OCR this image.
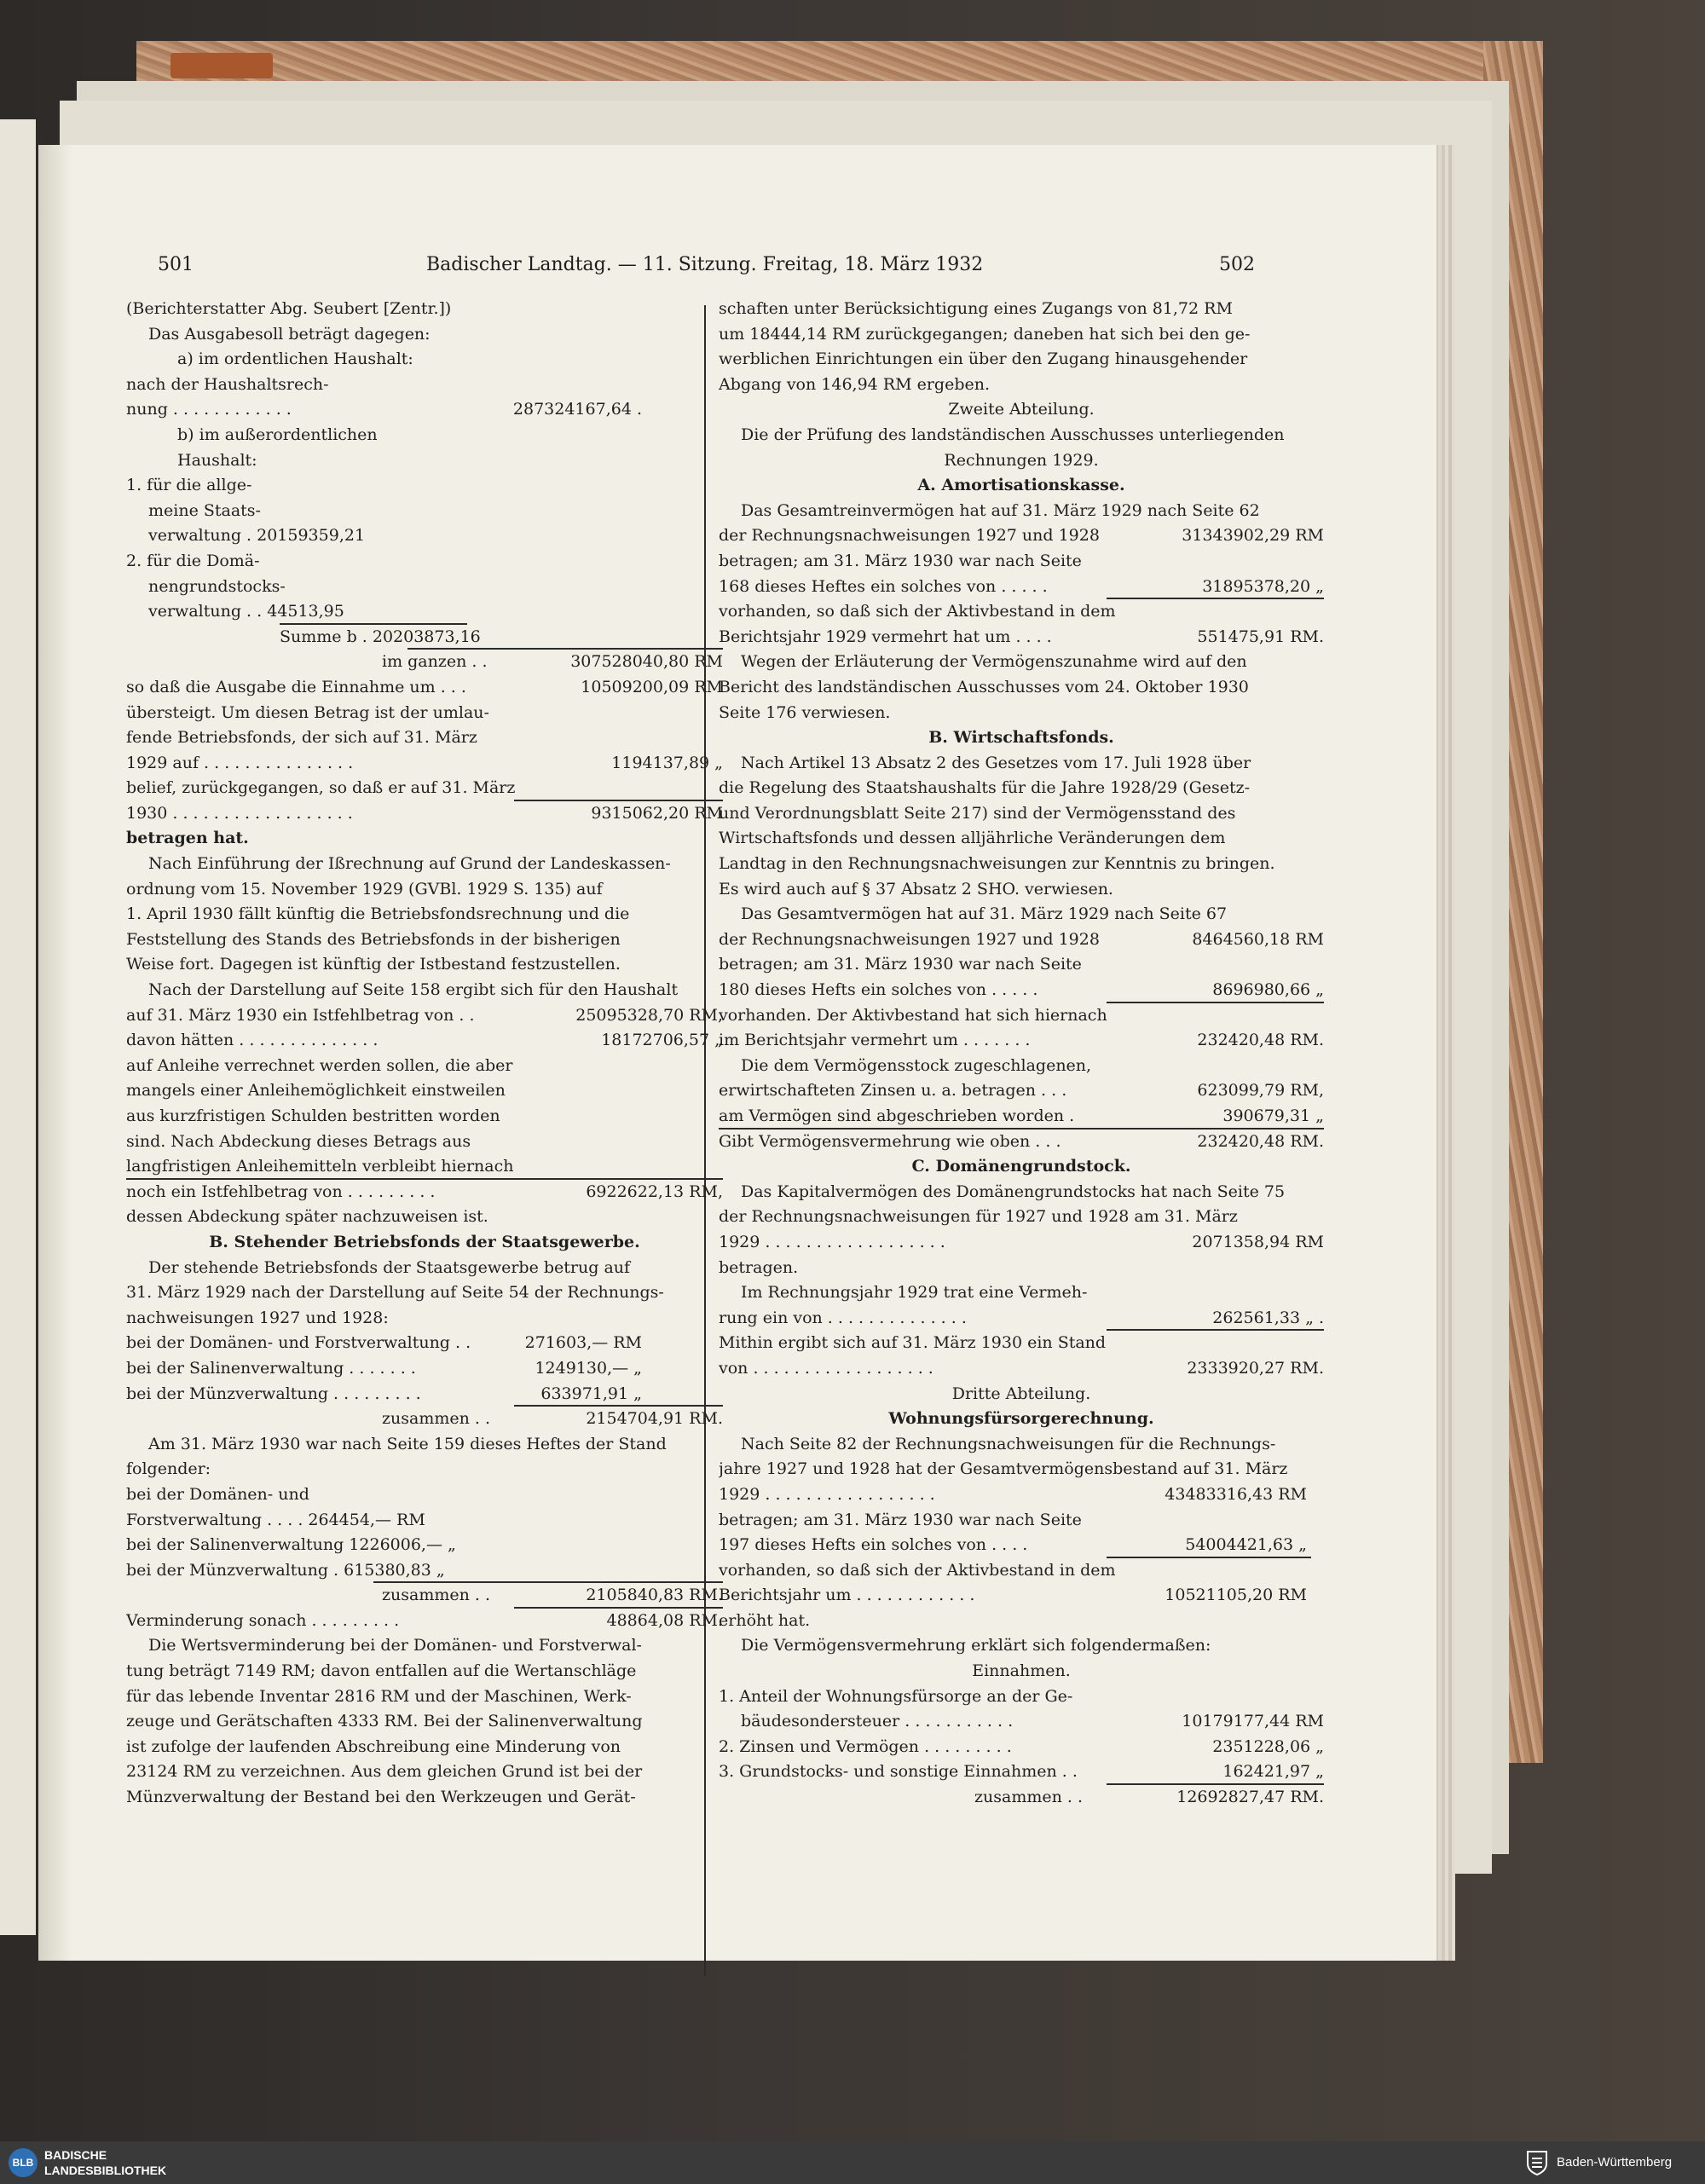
501	Badischer Landtag. — 11. Sitzung. Freitag, 18. März 1932	502
(Berichterstatter Abg. Seubert [Zentr.])
Das Ausgabesoll beträgt dagegen:
a) im ordentlichen Haushalt:
nach der Haushaltsrech-
nung . . . . . . . . . . . .	287324167,64 .
b) im außerordentlichen
Haushalt:
1. für die allge-
meine Staats-
verwaltung . 20159359,21
2. für die Domä-
nengrundstocks-
verwaltung . . 44513,95
Summe b . 20203873,16
im ganzen . .	307528040,80 RM
so daß die Ausgabe die Einnahme um . . .	10509200,09 RM
übersteigt. Um diesen Betrag ist der umlau-
fende Betriebsfonds, der sich auf 31. März
1929 auf . . . . . . . . . . . . . . .	1194137,89 „
belief, zurückgegangen, so daß er auf 31. März
1930 . . . . . . . . . . . . . . . . . .	9315062,20 RM
betragen hat.
Nach Einführung der Ißrechnung auf Grund der Landeskassen-
ordnung vom 15. November 1929 (GVBl. 1929 S. 135) auf
1. April 1930 fällt künftig die Betriebsfondsrechnung und die
Feststellung des Stands des Betriebsfonds in der bisherigen
Weise fort. Dagegen ist künftig der Istbestand festzustellen.
Nach der Darstellung auf Seite 158 ergibt sich für den Haushalt
auf 31. März 1930 ein Istfehlbetrag von . .	25095328,70 RM,
davon hätten . . . . . . . . . . . . . .	18172706,57 „
auf Anleihe verrechnet werden sollen, die aber
mangels einer Anleihemöglichkeit einstweilen
aus kurzfristigen Schulden bestritten worden
sind. Nach Abdeckung dieses Betrags aus
langfristigen Anleihemitteln verbleibt hiernach
noch ein Istfehlbetrag von . . . . . . . . .	6922622,13 RM,
dessen Abdeckung später nachzuweisen ist.
B. Stehender Betriebsfonds der Staatsgewerbe.
Der stehende Betriebsfonds der Staatsgewerbe betrug auf
31. März 1929 nach der Darstellung auf Seite 54 der Rechnungs-
nachweisungen 1927 und 1928:
bei der Domänen- und Forstverwaltung . .	271603,— RM
bei der Salinenverwaltung . . . . . . .	1249130,— „
bei der Münzverwaltung . . . . . . . . .	633971,91 „
zusammen . .	2154704,91 RM.
Am 31. März 1930 war nach Seite 159 dieses Heftes der Stand
folgender:
bei der Domänen- und
Forstverwaltung . . . . 264454,— RM
bei der Salinenverwaltung 1226006,— „
bei der Münzverwaltung . 615380,83 „
zusammen . .	2105840,83 RM.
Verminderung sonach . . . . . . . . .	48864,08 RM.
Die Wertsverminderung bei der Domänen- und Forstverwal-
tung beträgt 7149 RM; davon entfallen auf die Wertanschläge
für das lebende Inventar 2816 RM und der Maschinen, Werk-
zeuge und Gerätschaften 4333 RM. Bei der Salinenverwaltung
ist zufolge der laufenden Abschreibung eine Minderung von
23124 RM zu verzeichnen. Aus dem gleichen Grund ist bei der
Münzverwaltung der Bestand bei den Werkzeugen und Gerät-
schaften unter Berücksichtigung eines Zugangs von 81,72 RM
um 18444,14 RM zurückgegangen; daneben hat sich bei den ge-
werblichen Einrichtungen ein über den Zugang hinausgehender
Abgang von 146,94 RM ergeben.
Zweite Abteilung.
Die der Prüfung des landständischen Ausschusses unterliegenden
Rechnungen 1929.
A. Amortisationskasse.
Das Gesamtreinvermögen hat auf 31. März 1929 nach Seite 62
der Rechnungsnachweisungen 1927 und 1928	31343902,29 RM
betragen; am 31. März 1930 war nach Seite
168 dieses Heftes ein solches von . . . . .	31895378,20 „
vorhanden, so daß sich der Aktivbestand in dem
Berichtsjahr 1929 vermehrt hat um . . . .	551475,91 RM.
Wegen der Erläuterung der Vermögenszunahme wird auf den
Bericht des landständischen Ausschusses vom 24. Oktober 1930
Seite 176 verwiesen.
B. Wirtschaftsfonds.
Nach Artikel 13 Absatz 2 des Gesetzes vom 17. Juli 1928 über
die Regelung des Staatshaushalts für die Jahre 1928/29 (Gesetz-
und Verordnungsblatt Seite 217) sind der Vermögensstand des
Wirtschaftsfonds und dessen alljährliche Veränderungen dem
Landtag in den Rechnungsnachweisungen zur Kenntnis zu bringen.
Es wird auch auf § 37 Absatz 2 SHO. verwiesen.
Das Gesamtvermögen hat auf 31. März 1929 nach Seite 67
der Rechnungsnachweisungen 1927 und 1928	8464560,18 RM
betragen; am 31. März 1930 war nach Seite
180 dieses Hefts ein solches von . . . . .	8696980,66 „
vorhanden. Der Aktivbestand hat sich hiernach
im Berichtsjahr vermehrt um . . . . . . .	232420,48 RM.
Die dem Vermögensstock zugeschlagenen,
erwirtschafteten Zinsen u. a. betragen . . .	623099,79 RM,
am Vermögen sind abgeschrieben worden .	390679,31 „
Gibt Vermögensvermehrung wie oben . . .	232420,48 RM.
C. Domänengrundstock.
Das Kapitalvermögen des Domänengrundstocks hat nach Seite 75
der Rechnungsnachweisungen für 1927 und 1928 am 31. März
1929 . . . . . . . . . . . . . . . . . .	2071358,94 RM
betragen.
Im Rechnungsjahr 1929 trat eine Vermeh-
rung ein von . . . . . . . . . . . . . .	262561,33 „ .
Mithin ergibt sich auf 31. März 1930 ein Stand
von . . . . . . . . . . . . . . . . . .	2333920,27 RM.
Dritte Abteilung.
Wohnungsfürsorgerechnung.
Nach Seite 82 der Rechnungsnachweisungen für die Rechnungs-
jahre 1927 und 1928 hat der Gesamtvermögensbestand auf 31. März
1929 . . . . . . . . . . . . . . . . .	43483316,43 RM
betragen; am 31. März 1930 war nach Seite
197 dieses Hefts ein solches von . . . .	54004421,63 „
vorhanden, so daß sich der Aktivbestand in dem
Berichtsjahr um . . . . . . . . . . . .	10521105,20 RM
erhöht hat.
Die Vermögensvermehrung erklärt sich folgendermaßen:
Einnahmen.
1. Anteil der Wohnungsfürsorge an der Ge-
bäudesondersteuer . . . . . . . . . . .	10179177,44 RM
2. Zinsen und Vermögen . . . . . . . . .	2351228,06 „
3. Grundstocks- und sonstige Einnahmen . .	162421,97 „
zusammen . .	12692827,47 RM.
BLB
BADISCHE
LANDESBIBLIOTHEK
Baden-Württemberg
